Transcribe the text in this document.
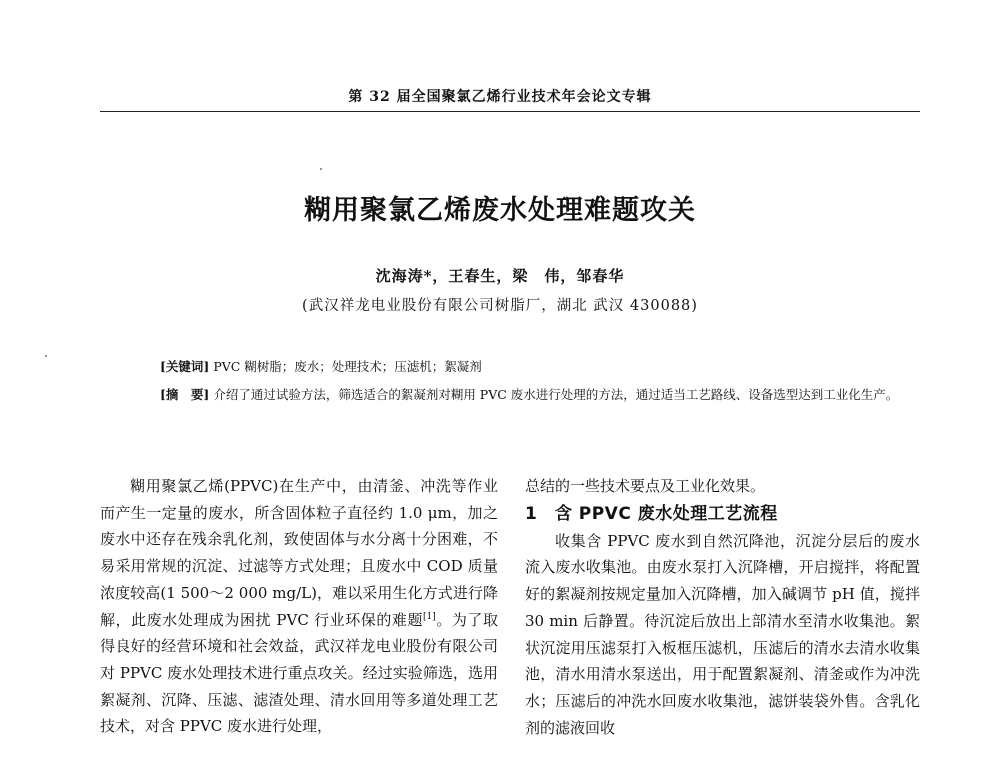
第 32 届全国聚氯乙烯行业技术年会论文专辑
糊用聚氯乙烯废水处理难题攻关
沈海涛*，王春生，梁　伟，邹春华
(武汉祥龙电业股份有限公司树脂厂，湖北 武汉 430088)
[关键词] PVC 糊树脂；废水；处理技术；压滤机；絮凝剂
[摘　要] 介绍了通过试验方法，筛选适合的絮凝剂对糊用 PVC 废水进行处理的方法，通过适当工艺路线、设备选型达到工业化生产。

糊用聚氯乙烯(PPVC)在生产中，由清釜、冲洗等作业而产生一定量的废水，所含固体粒子直径约 1.0 μm，加之废水中还存在残余乳化剂，致使固体与水分离十分困难，不易采用常规的沉淀、过滤等方式处理；且废水中 COD 质量浓度较高(1 500～2 000 mg/L)，难以采用生化方式进行降解，此废水处理成为困扰 PVC 行业环保的难题[1]。为了取得良好的经营环境和社会效益，武汉祥龙电业股份有限公司对 PPVC 废水处理技术进行重点攻关。经过实验筛选，选用絮凝剂、沉降、压滤、滤渣处理、清水回用等多道处理工艺技术，对含 PPVC 废水进行处理，

总结的一些技术要点及工业化效果。

1　含 PPVC 废水处理工艺流程

收集含 PPVC 废水到自然沉降池，沉淀分层后的废水流入废水收集池。由废水泵打入沉降槽，开启搅拌，将配置好的絮凝剂按规定量加入沉降槽，加入碱调节 pH 值，搅拌 30 min 后静置。待沉淀后放出上部清水至清水收集池。絮状沉淀用压滤泵打入板框压滤机，压滤后的清水去清水收集池，清水用清水泵送出，用于配置絮凝剂、清釜或作为冲洗水；压滤后的冲洗水回废水收集池，滤饼装袋外售。含乳化剂的滤液回收
